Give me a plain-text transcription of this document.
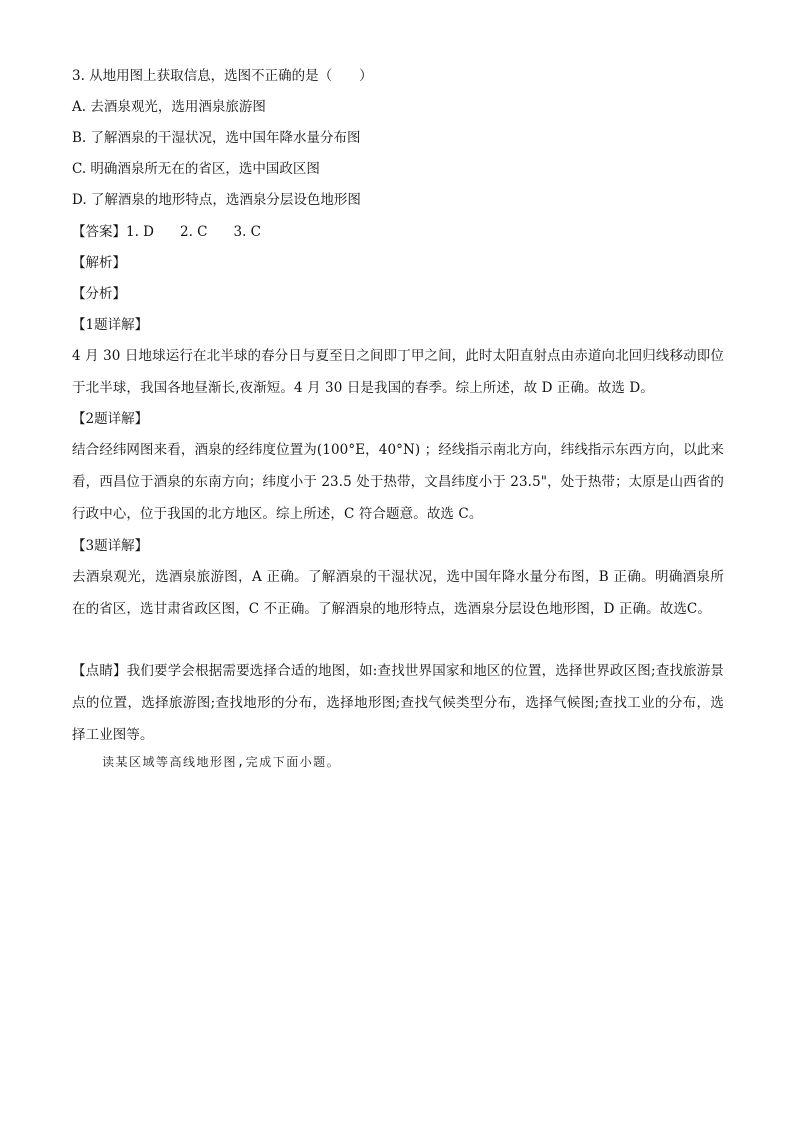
3. 从地用图上获取信息，选图不正确的是（　　）
A. 去酒泉观光，选用酒泉旅游图
B. 了解酒泉的干湿状况，选中国年降水量分布图
C. 明确酒泉所无在的省区，选中国政区图
D. 了解酒泉的地形特点，选酒泉分层设色地形图
【答案】1. D 2. C 3. C
【解析】
【分析】
【1题详解】
4 月 30 日地球运行在北半球的春分日与夏至日之间即丁甲之间，此时太阳直射点由赤道向北回归线移动即位于北半球，我国各地昼渐长,夜渐短。4 月 30 日是我国的春季。综上所述，故 D 正确。故选 D。
【2题详解】
结合经纬网图来看，酒泉的经纬度位置为(100°E，40°N) ；经线指示南北方向，纬线指示东西方向，以此来看，西昌位于酒泉的东南方向；纬度小于 23.5 处于热带，文昌纬度小于 23.5"，处于热带；太原是山西省的行政中心，位于我国的北方地区。综上所述，C 符合题意。故选 C。
【3题详解】
去酒泉观光，选酒泉旅游图，A 正确。了解酒泉的干湿状况，选中国年降水量分布图，B 正确。明确酒泉所在的省区，选甘肃省政区图，C 不正确。了解酒泉的地形特点，选酒泉分层设色地形图，D 正确。故选C。
【点睛】我们要学会根据需要选择合适的地图，如:查找世界国家和地区的位置，选择世界政区图;查找旅游景点的位置，选择旅游图;查找地形的分布，选择地形图;查找气候类型分布，选择气候图;查找工业的分布，选择工业图等。
读某区域等高线地形图,完成下面小题。
